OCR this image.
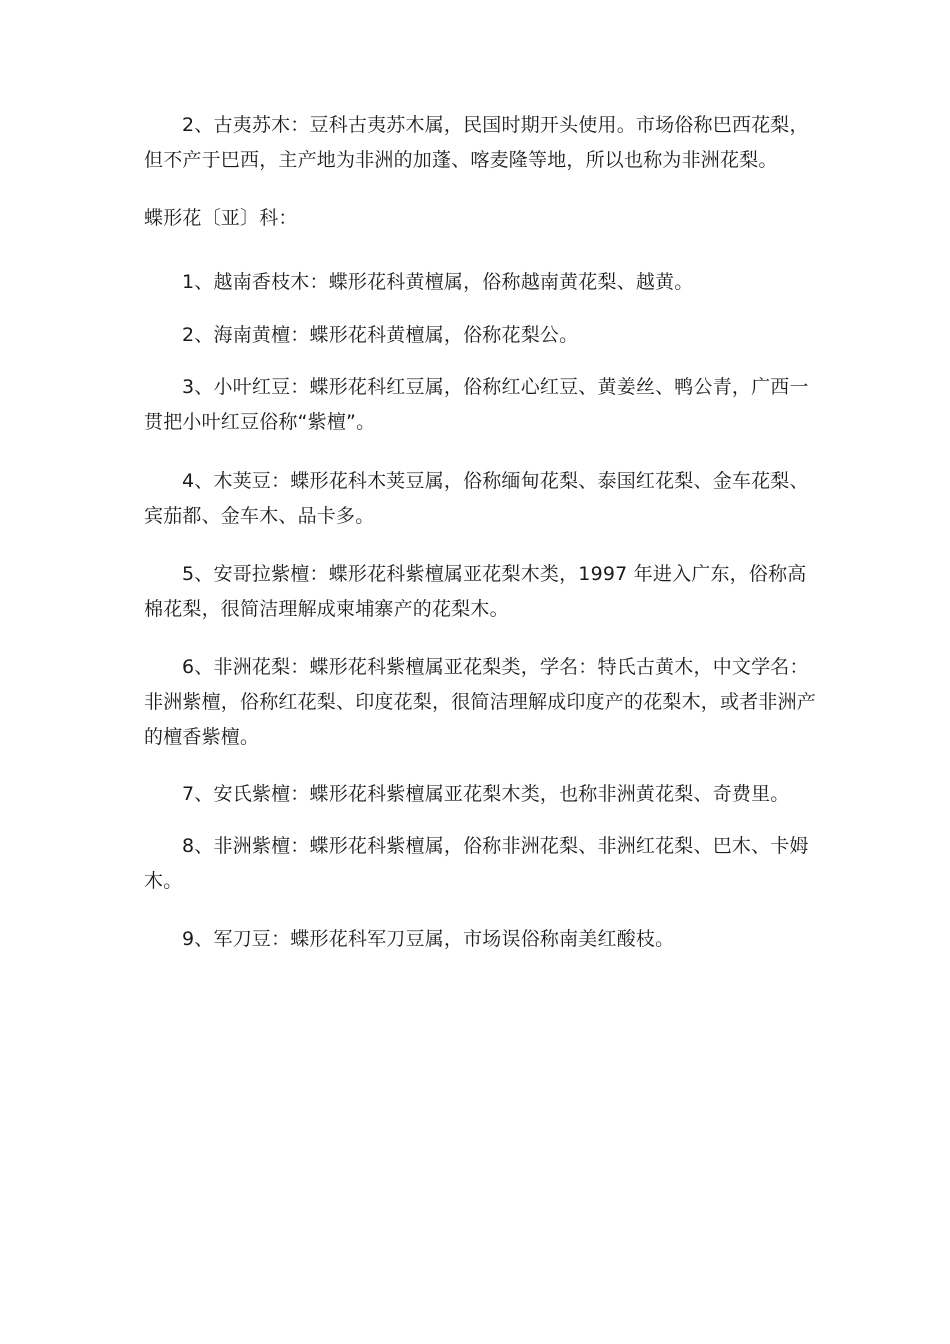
2、古夷苏木：豆科古夷苏木属，民国时期开头使用。市场俗称巴西花梨，但不产于巴西，主产地为非洲的加蓬、喀麦隆等地，所以也称为非洲花梨。

蝶形花〔亚〕科：

1、越南香枝木：蝶形花科黄檀属，俗称越南黄花梨、越黄。

2、海南黄檀：蝶形花科黄檀属，俗称花梨公。

3、小叶红豆：蝶形花科红豆属，俗称红心红豆、黄姜丝、鸭公青，广西一贯把小叶红豆俗称“紫檀”。

4、木荚豆：蝶形花科木荚豆属，俗称缅甸花梨、泰国红花梨、金车花梨、宾茄都、金车木、品卡多。

5、安哥拉紫檀：蝶形花科紫檀属亚花梨木类，1997 年进入广东，俗称高棉花梨，很简洁理解成柬埔寨产的花梨木。

6、非洲花梨：蝶形花科紫檀属亚花梨类，学名：特氏古黄木，中文学名：非洲紫檀，俗称红花梨、印度花梨，很简洁理解成印度产的花梨木，或者非洲产的檀香紫檀。

7、安氏紫檀：蝶形花科紫檀属亚花梨木类，也称非洲黄花梨、奇费里。

8、非洲紫檀：蝶形花科紫檀属，俗称非洲花梨、非洲红花梨、巴木、卡姆木。

9、军刀豆：蝶形花科军刀豆属，市场误俗称南美红酸枝。
